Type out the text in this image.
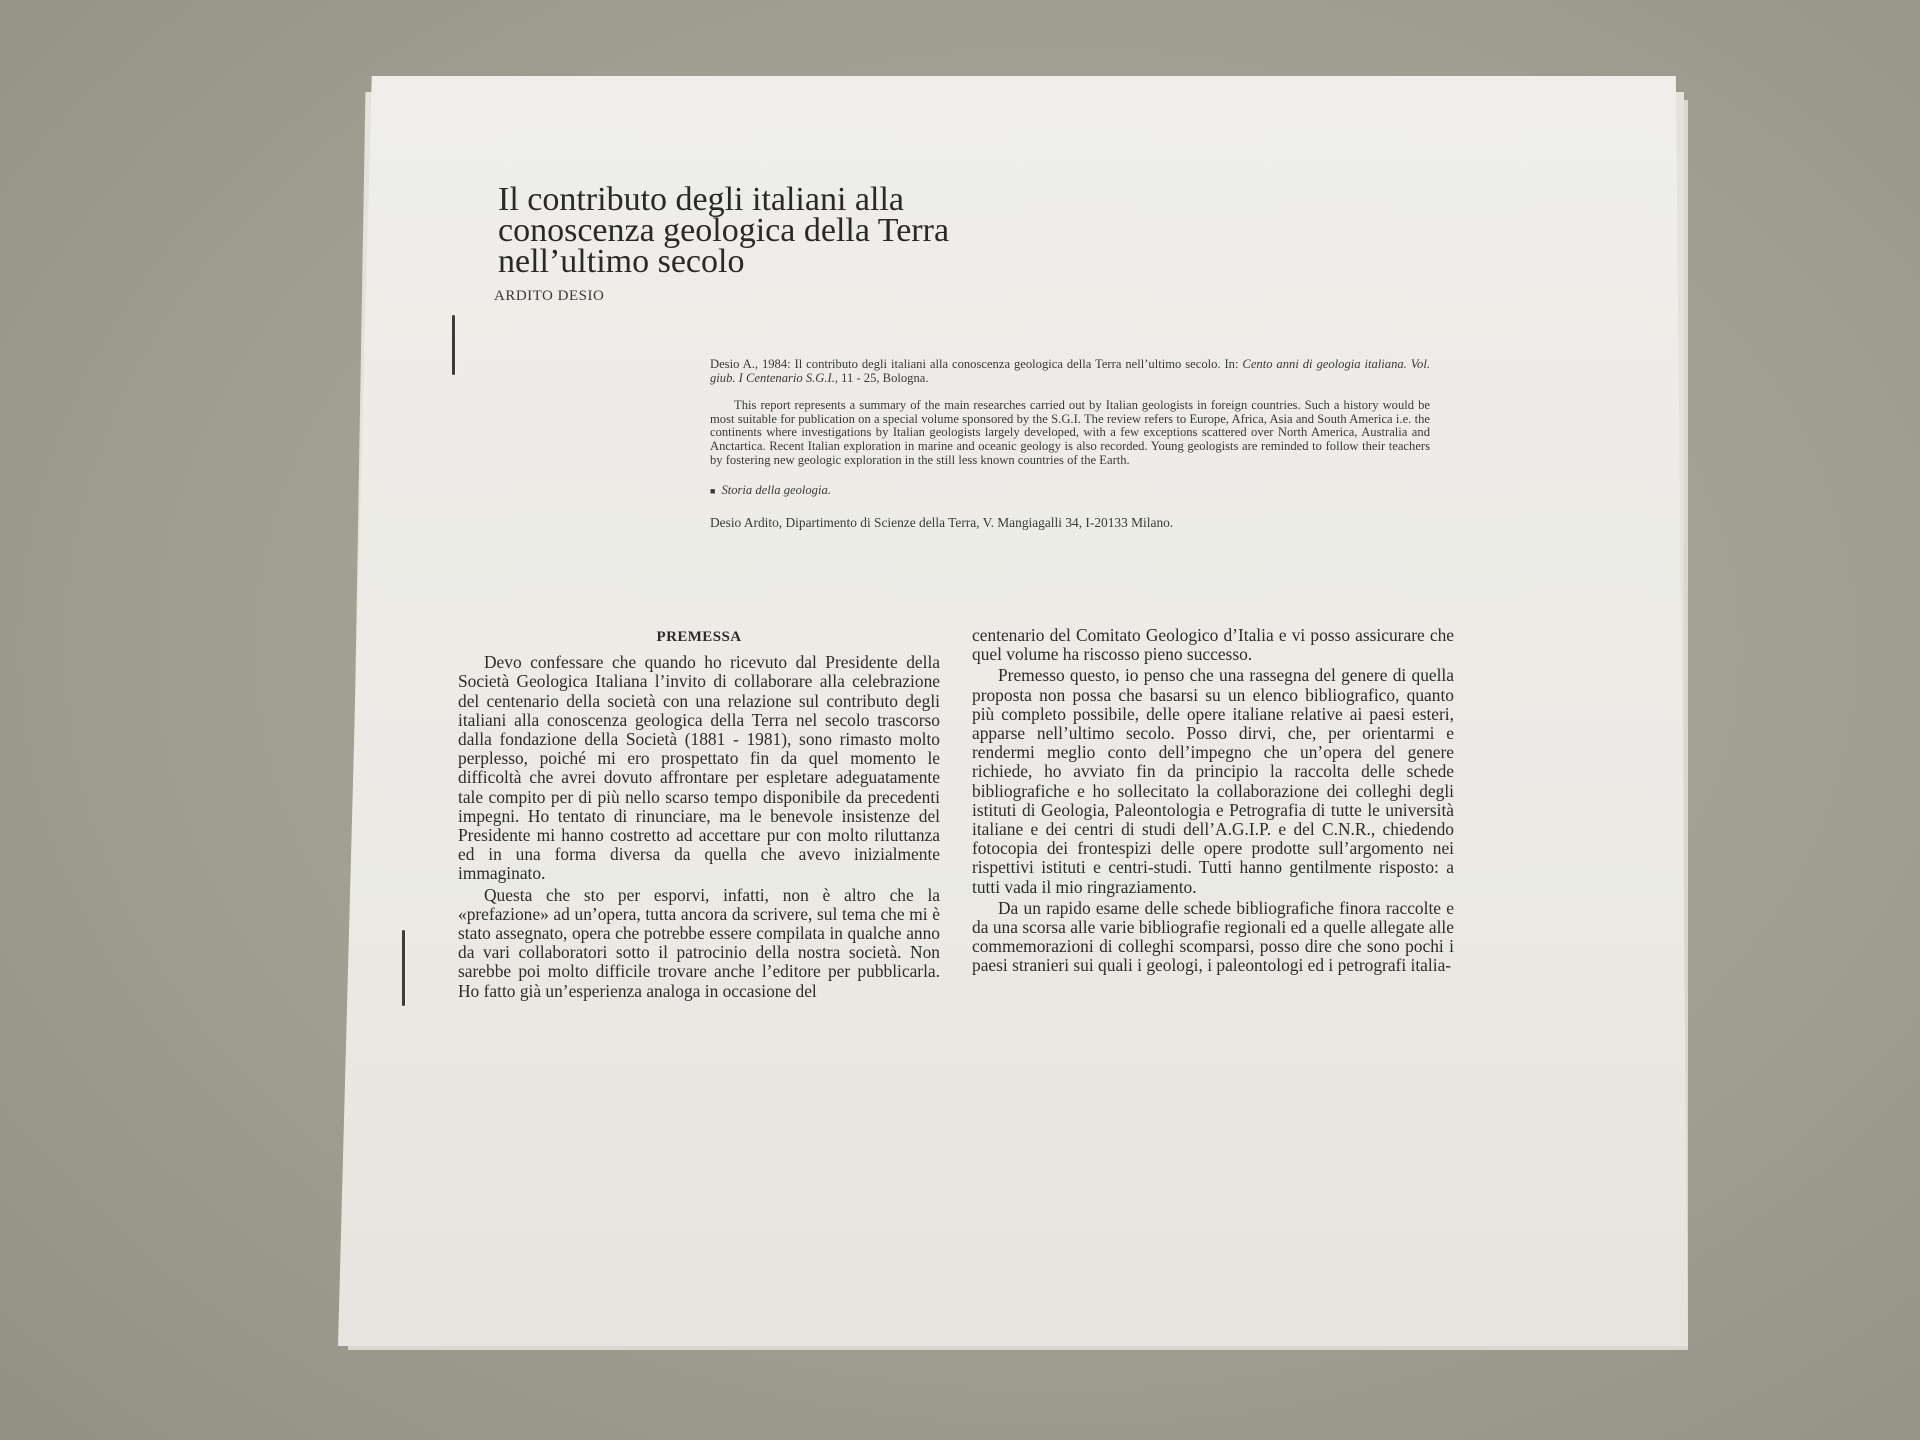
Il contributo degli italiani alla
conoscenza geologica della Terra
nell’ultimo secolo
ARDITO DESIO

Desio A., 1984: Il contributo degli italiani alla conoscenza geologica della Terra nell’ultimo secolo. In: Cento anni di geologia italiana. Vol. giub. I Centenario S.G.I., 11 - 25, Bologna.

This report represents a summary of the main researches carried out by Italian geologists in foreign countries. Such a history would be most suitable for publication on a special volume sponsored by the S.G.I. The review refers to Europe, Africa, Asia and South America i.e. the continents where investigations by Italian geologists largely developed, with a few exceptions scattered over North America, Australia and Anctartica. Recent Italian exploration in marine and oceanic geology is also recorded. Young geologists are reminded to follow their teachers by fostering new geologic exploration in the still less known countries of the Earth.

■ Storia della geologia.

Desio Ardito, Dipartimento di Scienze della Terra, V. Mangiagalli 34, I-20133 Milano.

PREMESSA

Devo confessare che quando ho ricevuto dal Presidente della Società Geologica Italiana l’invito di collaborare alla celebrazione del centenario della società con una relazione sul contributo degli italiani alla conoscenza geologica della Terra nel secolo trascorso dalla fondazione della Società (1881 - 1981), sono rimasto molto perplesso, poiché mi ero prospettato fin da quel momento le difficoltà che avrei dovuto affrontare per espletare adeguatamente tale compito per di più nello scarso tempo disponibile da precedenti impegni. Ho tentato di rinunciare, ma le benevole insistenze del Presidente mi hanno costretto ad accettare pur con molto riluttanza ed in una forma diversa da quella che avevo inizialmente immaginato.

Questa che sto per esporvi, infatti, non è altro che la «prefazione» ad un’opera, tutta ancora da scrivere, sul tema che mi è stato assegnato, opera che potrebbe essere compilata in qualche anno da vari collaboratori sotto il patrocinio della nostra società. Non sarebbe poi molto difficile trovare anche l’editore per pubblicarla. Ho fatto già un’esperienza analoga in occasione del

centenario del Comitato Geologico d’Italia e vi posso assicurare che quel volume ha riscosso pieno successo.

Premesso questo, io penso che una rassegna del genere di quella proposta non possa che basarsi su un elenco bibliografico, quanto più completo possibile, delle opere italiane relative ai paesi esteri, apparse nell’ultimo secolo. Posso dirvi, che, per orientarmi e rendermi meglio conto dell’impegno che un’opera del genere richiede, ho avviato fin da principio la raccolta delle schede bibliografiche e ho sollecitato la collaborazione dei colleghi degli istituti di Geologia, Paleontologia e Petrografia di tutte le università italiane e dei centri di studi dell’A.G.I.P. e del C.N.R., chiedendo fotocopia dei frontespizi delle opere prodotte sull’argomento nei rispettivi istituti e centri-studi. Tutti hanno gentilmente risposto: a tutti vada il mio ringraziamento.

Da un rapido esame delle schede bibliografiche finora raccolte e da una scorsa alle varie bibliografie regionali ed a quelle allegate alle commemorazioni di colleghi scomparsi, posso dire che sono pochi i paesi stranieri sui quali i geologi, i paleontologi ed i petrografi italia-
